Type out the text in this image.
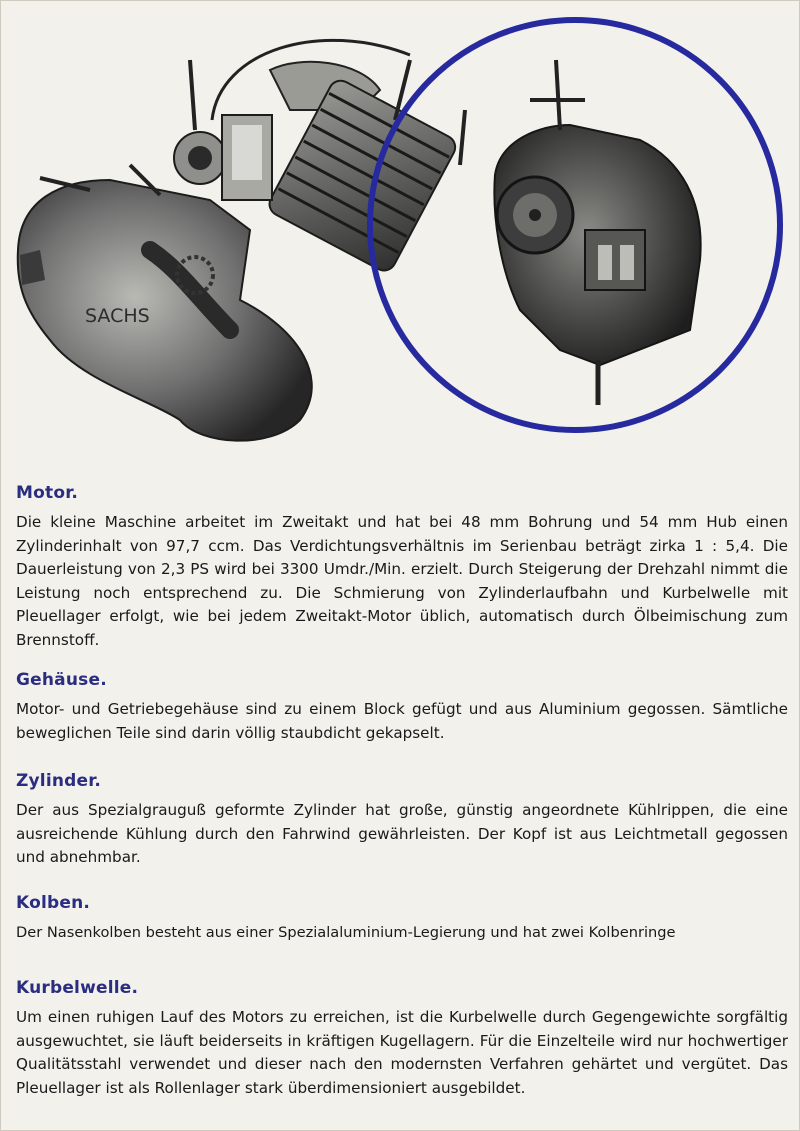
SACHS
Motor.

Die kleine Maschine arbeitet im Zweitakt und hat bei 48 mm Bohrung und 54 mm Hub einen Zylinderinhalt von 97,7 ccm. Das Verdichtungsverhältnis im Serienbau beträgt zirka 1 : 5,4. Die Dauerleistung von 2,3 PS wird bei 3300 Umdr./Min. erzielt. Durch Steigerung der Drehzahl nimmt die Leistung noch entsprechend zu. Die Schmierung von Zylinderlaufbahn und Kurbelwelle mit Pleuellager erfolgt, wie bei jedem Zweitakt-Motor üblich, automatisch durch Ölbeimischung zum Brennstoff.

Gehäuse.

Motor- und Getriebegehäuse sind zu einem Block gefügt und aus Aluminium gegossen. Sämtliche beweglichen Teile sind darin völlig staubdicht gekapselt.

Zylinder.

Der aus Spezialgrauguß geformte Zylinder hat große, günstig angeordnete Kühlrippen, die eine ausreichende Kühlung durch den Fahrwind gewährleisten. Der Kopf ist aus Leichtmetall gegossen und abnehmbar.

Kolben.

Der Nasenkolben besteht aus einer Spezialaluminium-Legierung und hat zwei Kolbenringe

Kurbelwelle.

Um einen ruhigen Lauf des Motors zu erreichen, ist die Kurbelwelle durch Gegengewichte sorgfältig ausgewuchtet, sie läuft beiderseits in kräftigen Kugellagern. Für die Einzelteile wird nur hochwertiger Qualitätsstahl verwendet und dieser nach den modernsten Verfahren gehärtet und vergütet. Das Pleuellager ist als Rollenlager stark überdimensioniert ausgebildet.
